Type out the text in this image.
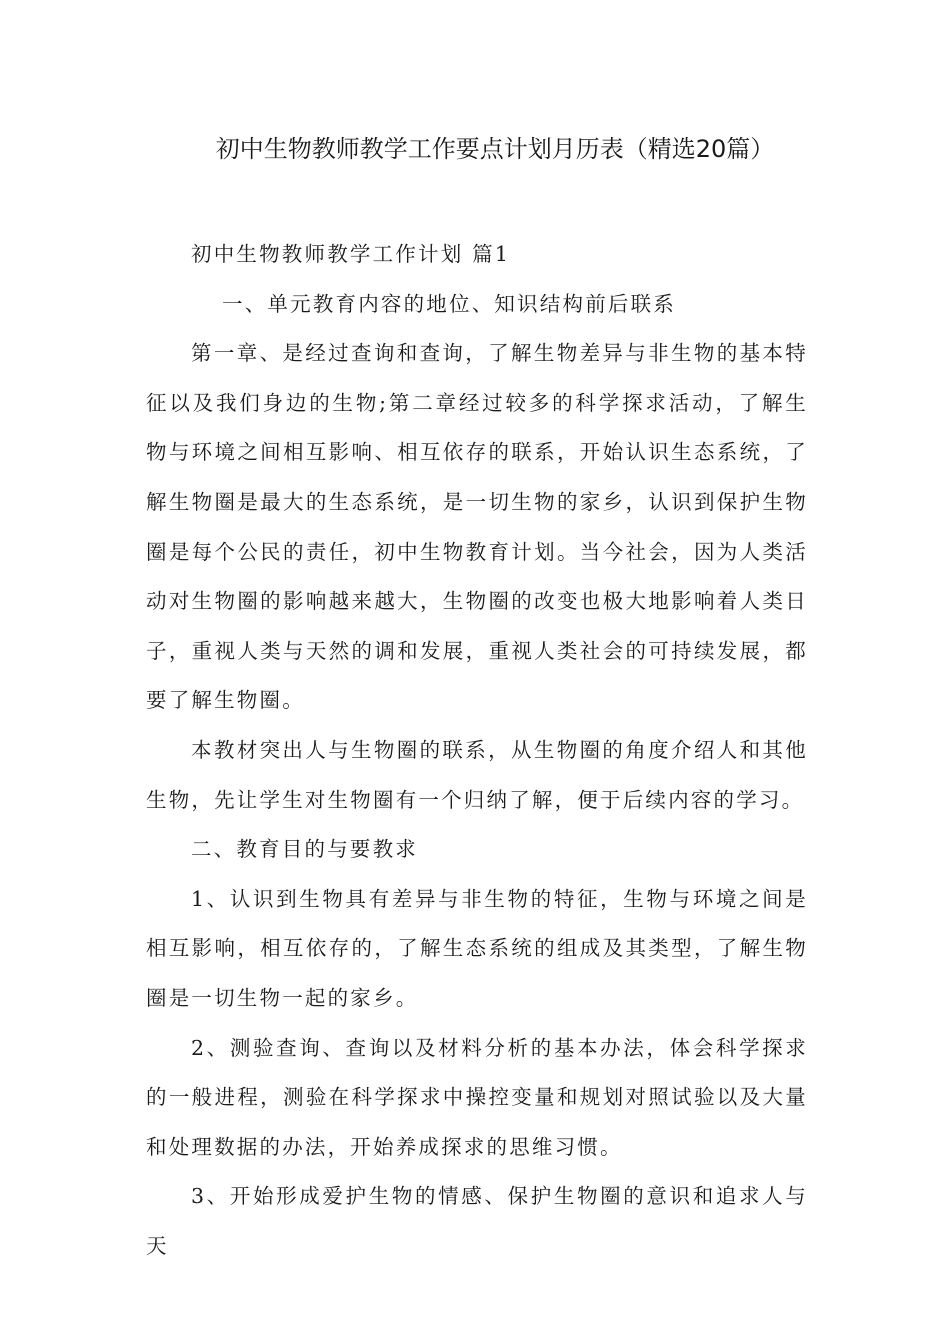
初中生物教师教学工作要点计划月历表（精选20篇）

初中生物教师教学工作计划 篇1

一、单元教育内容的地位、知识结构前后联系

第一章、是经过查询和查询，了解生物差异与非生物的基本特征以及我们身边的生物;第二章经过较多的科学探求活动，了解生物与环境之间相互影响、相互依存的联系，开始认识生态系统，了解生物圈是最大的生态系统，是一切生物的家乡，认识到保护生物圈是每个公民的责任，初中生物教育计划。当今社会，因为人类活动对生物圈的影响越来越大，生物圈的改变也极大地影响着人类日子，重视人类与天然的调和发展，重视人类社会的可持续发展，都要了解生物圈。

本教材突出人与生物圈的联系，从生物圈的角度介绍人和其他生物，先让学生对生物圈有一个归纳了解，便于后续内容的学习。

二、教育目的与要教求

1、认识到生物具有差异与非生物的特征，生物与环境之间是相互影响，相互依存的，了解生态系统的组成及其类型，了解生物圈是一切生物一起的家乡。

2、测验查询、查询以及材料分析的基本办法，体会科学探求的一般进程，测验在科学探求中操控变量和规划对照试验以及大量和处理数据的办法，开始养成探求的思维习惯。

3、开始形成爱护生物的情感、保护生物圈的意识和追求人与天
